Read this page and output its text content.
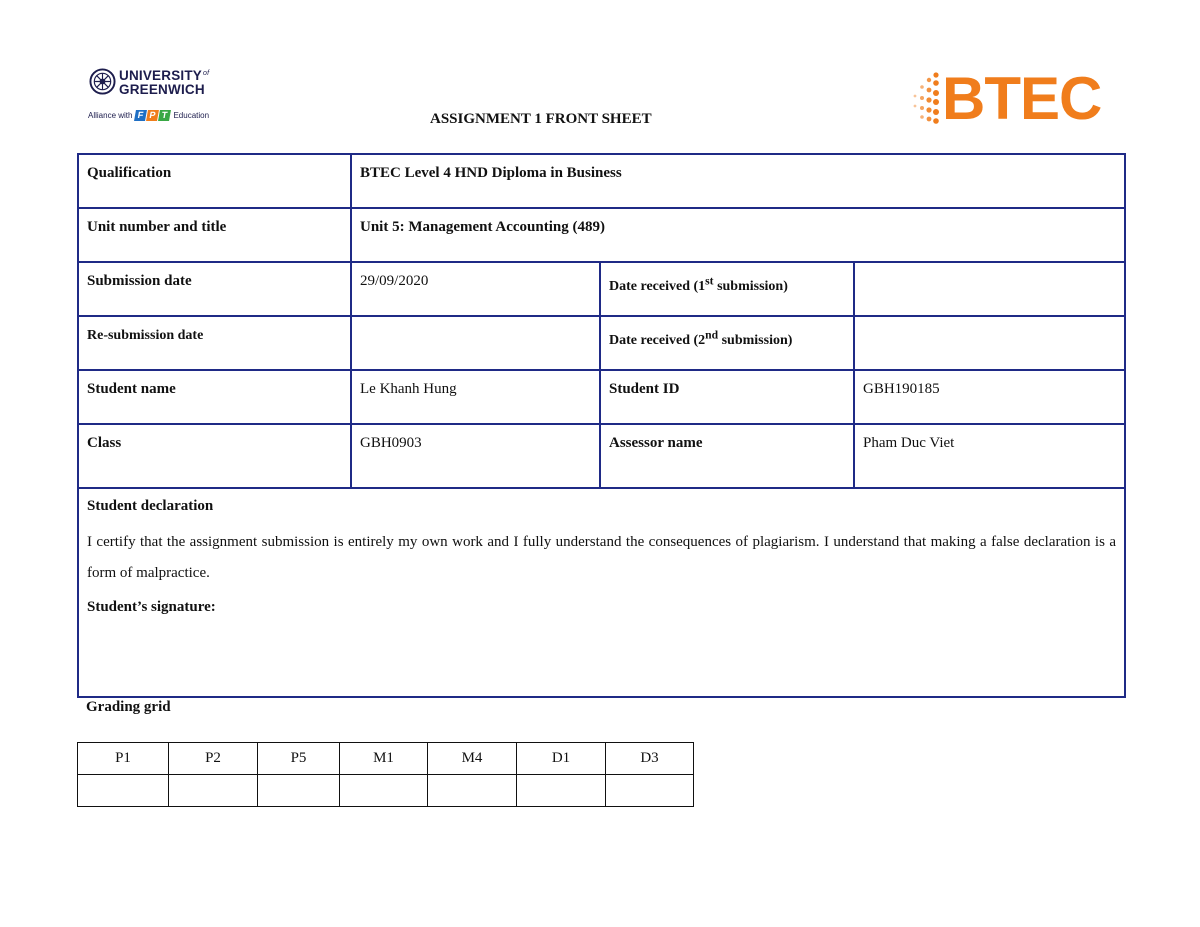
$UNIVERSITY^{of}$
GREENWICH
Alliance with F P T Education	BTEC
ASSIGNMENT 1 FRONT SHEET
Qualification	BTEC Level 4 HND Diploma in Business		
Unit number and title	Unit 5: Management Accounting (489)		
Submission date	29/09/2020	Date received (1st submission)	
Re-submission date		Date received (2nd submission)	
Student name	Le Khanh Hung	Student ID	GBH190185
Class	GBH0903	Assessor name	Pham Duc Viet

Student declaration

I certify that the assignment submission is entirely my own work and I fully understand the consequences of plagiarism. I understand that making a false declaration is a form of malpractice.

Student’s signature:			
Grading grid
P1	P2	P5	M1	M4	D1	D3
